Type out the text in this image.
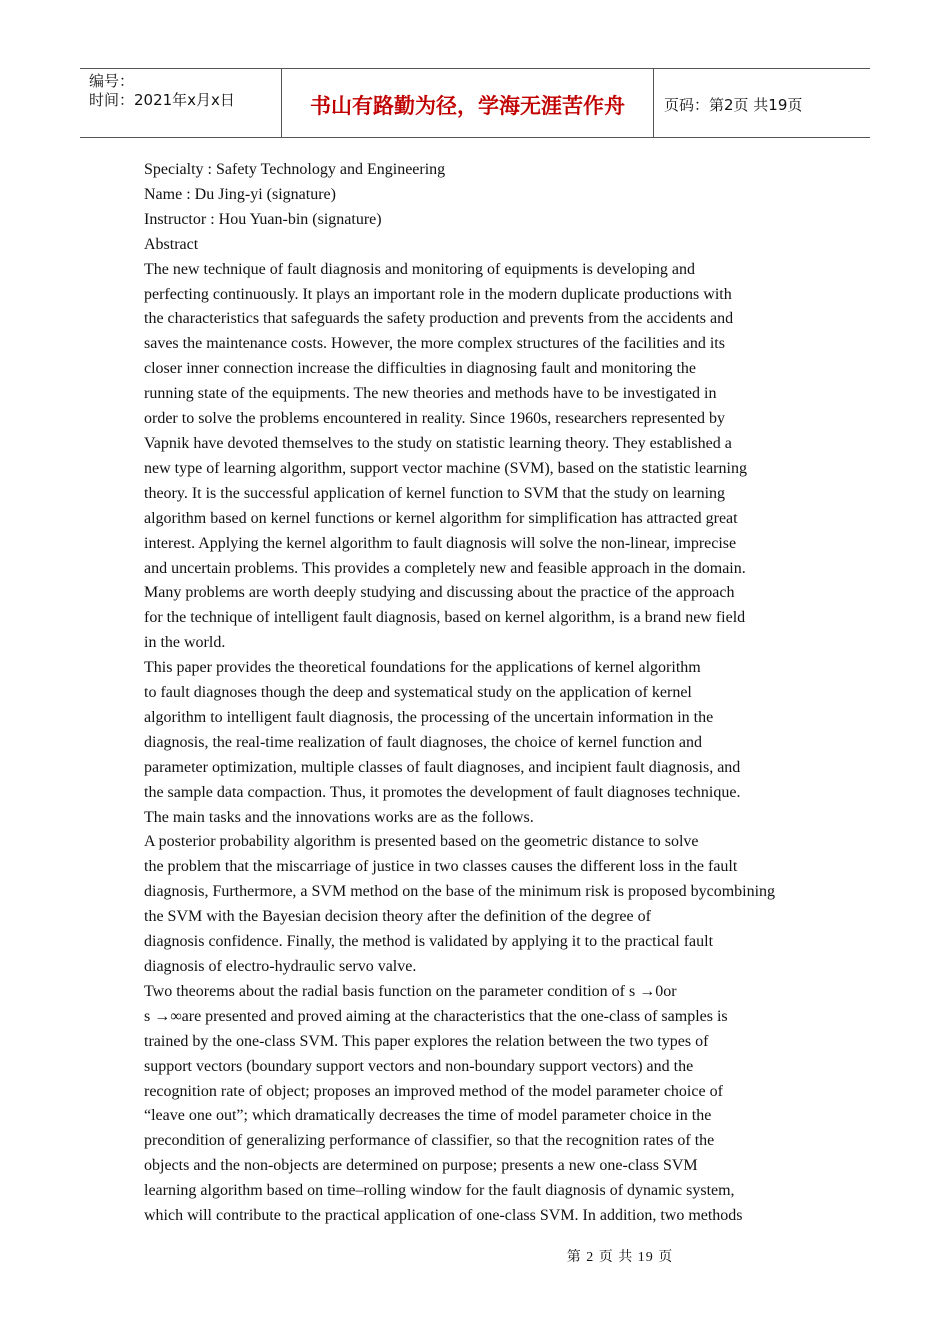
编号：
时间：2021年x月x日	书山有路勤为径，学海无涯苦作舟	页码：第2页 共19页
Specialty : Safety Technology and Engineering
Name : Du Jing-yi (signature)
Instructor : Hou Yuan-bin (signature)
Abstract
The new technique of fault diagnosis and monitoring of equipments is developing and
perfecting continuously. It plays an important role in the modern duplicate productions with
the characteristics that safeguards the safety production and prevents from the accidents and
saves the maintenance costs. However, the more complex structures of the facilities and its
closer inner connection increase the difficulties in diagnosing fault and monitoring the
running state of the equipments. The new theories and methods have to be investigated in
order to solve the problems encountered in reality. Since 1960s, researchers represented by
Vapnik have devoted themselves to the study on statistic learning theory. They established a
new type of learning algorithm, support vector machine (SVM), based on the statistic learning
theory. It is the successful application of kernel function to SVM that the study on learning
algorithm based on kernel functions or kernel algorithm for simplification has attracted great
interest. Applying the kernel algorithm to fault diagnosis will solve the non-linear, imprecise
and uncertain problems. This provides a completely new and feasible approach in the domain.
Many problems are worth deeply studying and discussing about the practice of the approach
for the technique of intelligent fault diagnosis, based on kernel algorithm, is a brand new field
in the world.
This paper provides the theoretical foundations for the applications of kernel algorithm
to fault diagnoses though the deep and systematical study on the application of kernel
algorithm to intelligent fault diagnosis, the processing of the uncertain information in the
diagnosis, the real-time realization of fault diagnoses, the choice of kernel function and
parameter optimization, multiple classes of fault diagnoses, and incipient fault diagnosis, and
the sample data compaction. Thus, it promotes the development of fault diagnoses technique.
The main tasks and the innovations works are as the follows.
A posterior probability algorithm is presented based on the geometric distance to solve
the problem that the miscarriage of justice in two classes causes the different loss in the fault
diagnosis, Furthermore, a SVM method on the base of the minimum risk is proposed bycombining
the SVM with the Bayesian decision theory after the definition of the degree of
diagnosis confidence. Finally, the method is validated by applying it to the practical fault
diagnosis of electro-hydraulic servo valve.
Two theorems about the radial basis function on the parameter condition of s →0or
s →∞are presented and proved aiming at the characteristics that the one-class of samples is
trained by the one-class SVM. This paper explores the relation between the two types of
support vectors (boundary support vectors and non-boundary support vectors) and the
recognition rate of object; proposes an improved method of the model parameter choice of
“leave one out”; which dramatically decreases the time of model parameter choice in the
precondition of generalizing performance of classifier, so that the recognition rates of the
objects and the non-objects are determined on purpose; presents a new one-class SVM
learning algorithm based on time–rolling window for the fault diagnosis of dynamic system,
which will contribute to the practical application of one-class SVM. In addition, two methods
第 2 页 共 19 页
